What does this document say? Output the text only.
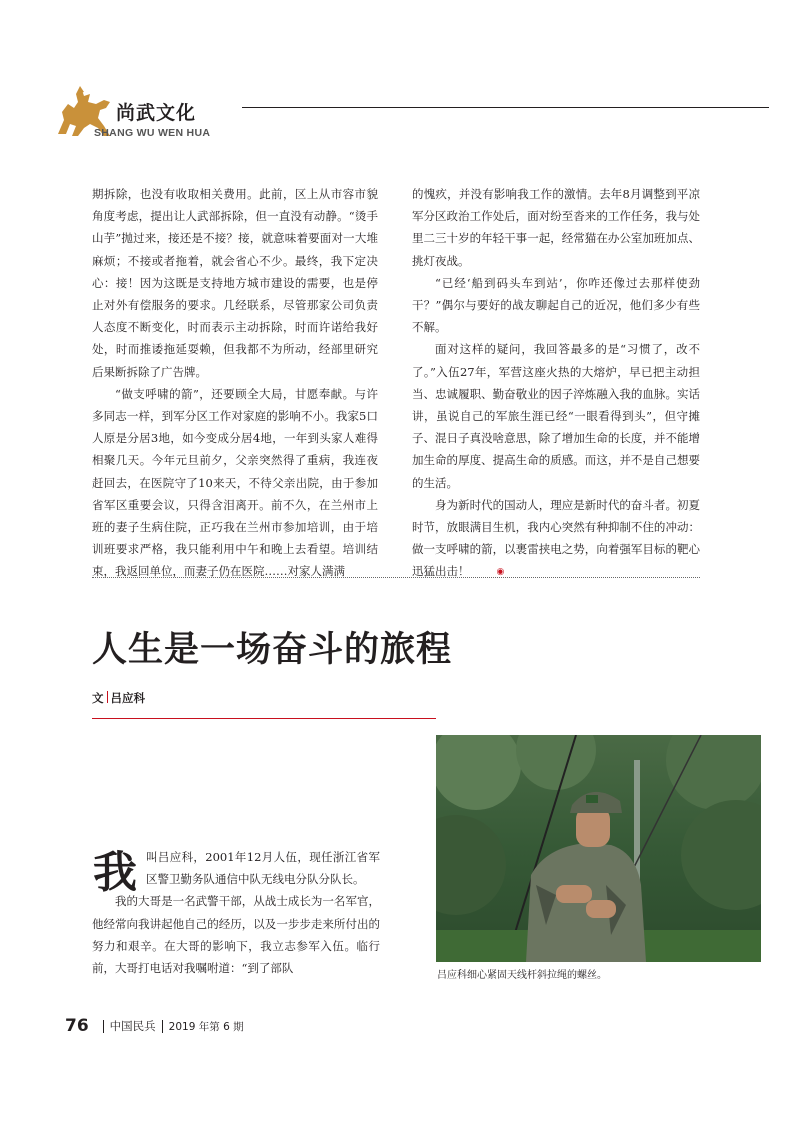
尚武文化
SHANG WU WEN HUA

期拆除，也没有收取相关费用。此前，区上从市容市貌角度考虑，提出让人武部拆除，但一直没有动静。“烫手山芋”抛过来，接还是不接？接，就意味着要面对一大堆麻烦；不接或者拖着，就会省心不少。最终，我下定决心：接！因为这既是支持地方城市建设的需要，也是停止对外有偿服务的要求。几经联系，尽管那家公司负责人态度不断变化，时而表示主动拆除，时而许诺给我好处，时而推诿拖延耍赖，但我都不为所动，经部里研究后果断拆除了广告牌。

“做支呼啸的箭”，还要顾全大局，甘愿奉献。与许多同志一样，到军分区工作对家庭的影响不小。我家5口人原是分居3地，如今变成分居4地，一年到头家人难得相聚几天。今年元旦前夕，父亲突然得了重病，我连夜赶回去，在医院守了10来天，不待父亲出院，由于参加省军区重要会议，只得含泪离开。前不久，在兰州市上班的妻子生病住院，正巧我在兰州市参加培训，由于培训班要求严格，我只能利用中午和晚上去看望。培训结束，我返回单位，而妻子仍在医院……对家人满满

的愧疚，并没有影响我工作的激情。去年8月调整到平凉军分区政治工作处后，面对纷至沓来的工作任务，我与处里二三十岁的年轻干事一起，经常猫在办公室加班加点、挑灯夜战。

“已经‘船到码头车到站’，你咋还像过去那样使劲干？”偶尔与要好的战友聊起自己的近况，他们多少有些不解。

面对这样的疑问，我回答最多的是“习惯了，改不了。”入伍27年，军营这座火热的大熔炉，早已把主动担当、忠诚履职、勤奋敬业的因子淬炼融入我的血脉。实话讲，虽说自己的军旅生涯已经“一眼看得到头”，但守摊子、混日子真没啥意思，除了增加生命的长度，并不能增加生命的厚度、提高生命的质感。而这，并不是自己想要的生活。

身为新时代的国动人，理应是新时代的奋斗者。初夏时节，放眼满目生机，我内心突然有种抑制不住的冲动：做一支呼啸的箭，以裹雷挟电之势，向着强军目标的靶心迅猛出击！	◉

人生是一场奋斗的旅程
文 吕应科
我 叫吕应科，2001年12月人伍，现任浙江省军区警卫勤务队通信中队无线电分队分队长。

我的大哥是一名武警干部，从战士成长为一名军官，他经常向我讲起他自己的经历，以及一步步走来所付出的努力和艰辛。在大哥的影响下，我立志参军入伍。临行前，大哥打电话对我嘱咐道：“到了部队

吕应科细心紧固天线杆斜拉绳的螺丝。
76 中国民兵 2019 年第 6 期
